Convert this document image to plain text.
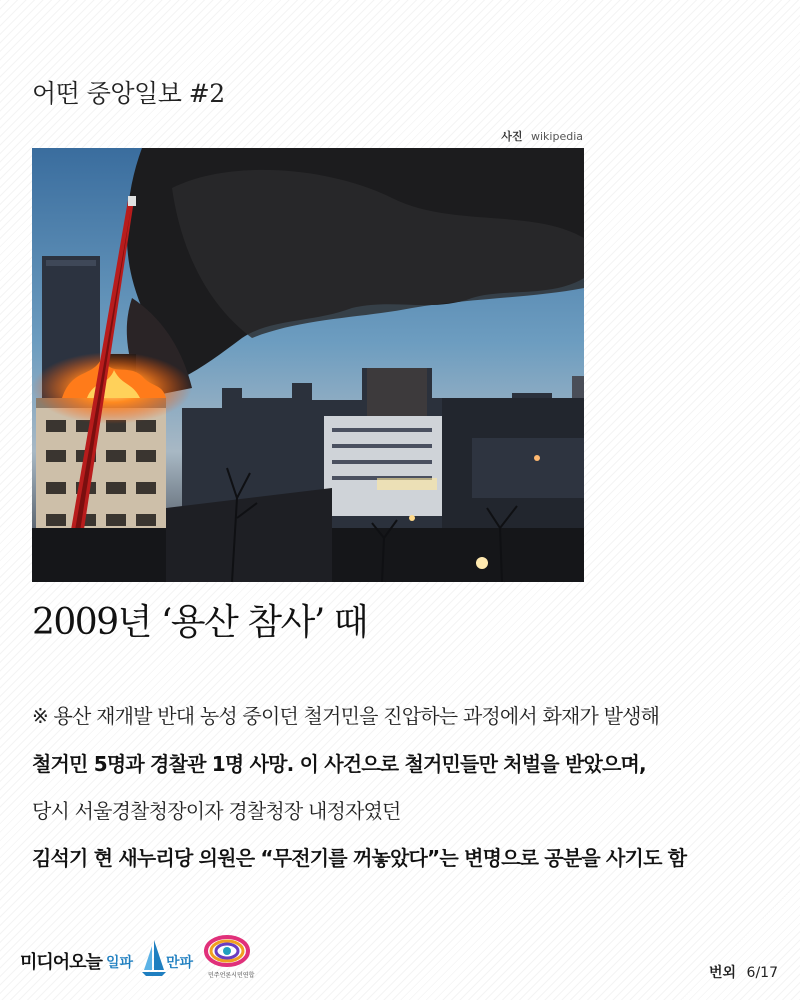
어떤 중앙일보 #2
사진 wikipedia
2009년 ‘용산 참사’ 때
※ 용산 재개발 반대 농성 중이던 철거민을 진압하는 과정에서 화재가 발생해
철거민 5명과 경찰관 1명 사망. 이 사건으로 철거민들만 처벌을 받았으며,
당시 서울경찰청장이자 경찰청장 내정자였던
김석기 현 새누리당 의원은 “무전기를 꺼놓았다”는 변명으로 공분을 사기도 함
미디어오늘 일파 만파
민주언론시민연합	번외 6/17
